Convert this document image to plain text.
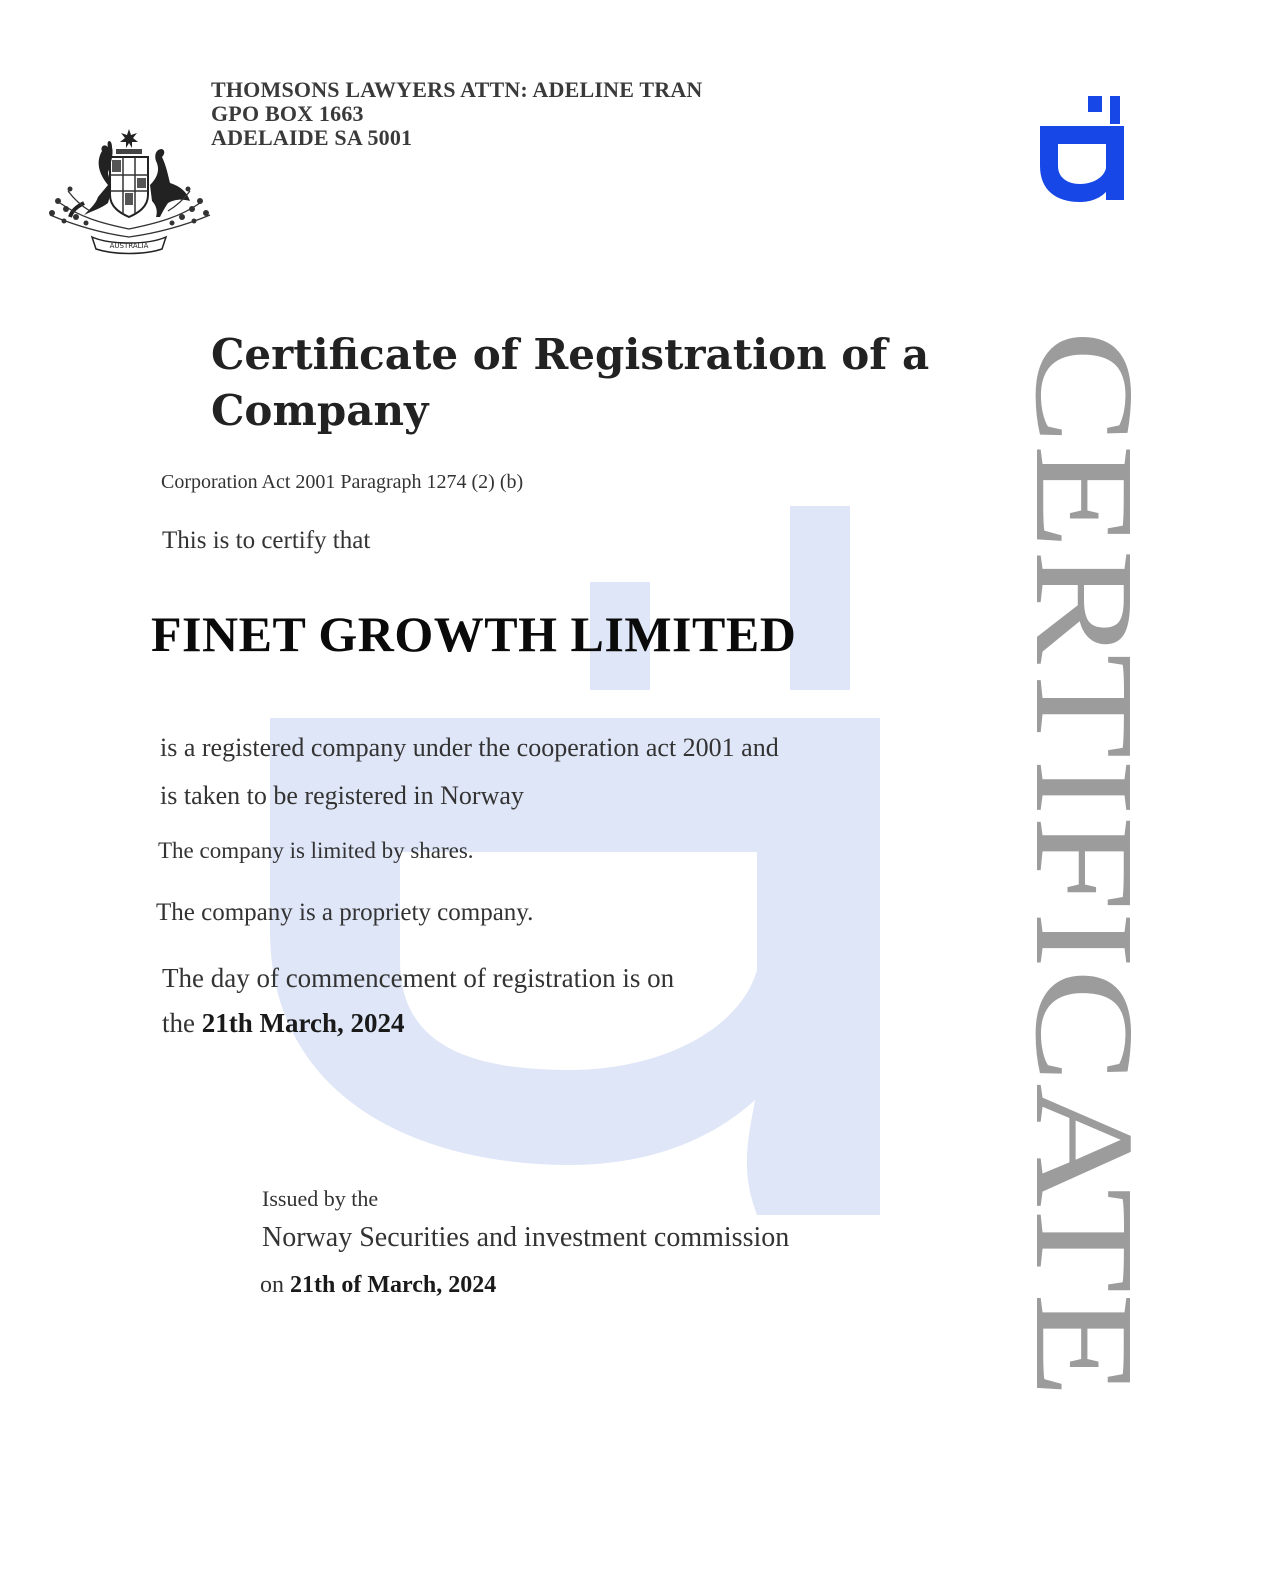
AUSTRALIA
THOMSONS LAWYERS ATTN: ADELINE TRAN
GPO BOX 1663
ADELAIDE SA 5001
Certificate of Registration of a
Company
Corporation Act 2001 Paragraph 1274 (2) (b)
This is to certify that
FINET GROWTH LIMITED
is a registered company under the cooperation act 2001 and
is taken to be registered in Norway
The company is limited by shares.
The company is a propriety company.
The day of commencement of registration is on
the 21th March, 2024
Issued by the
Norway Securities and investment commission
on 21th of March, 2024
CERTIFICATE
